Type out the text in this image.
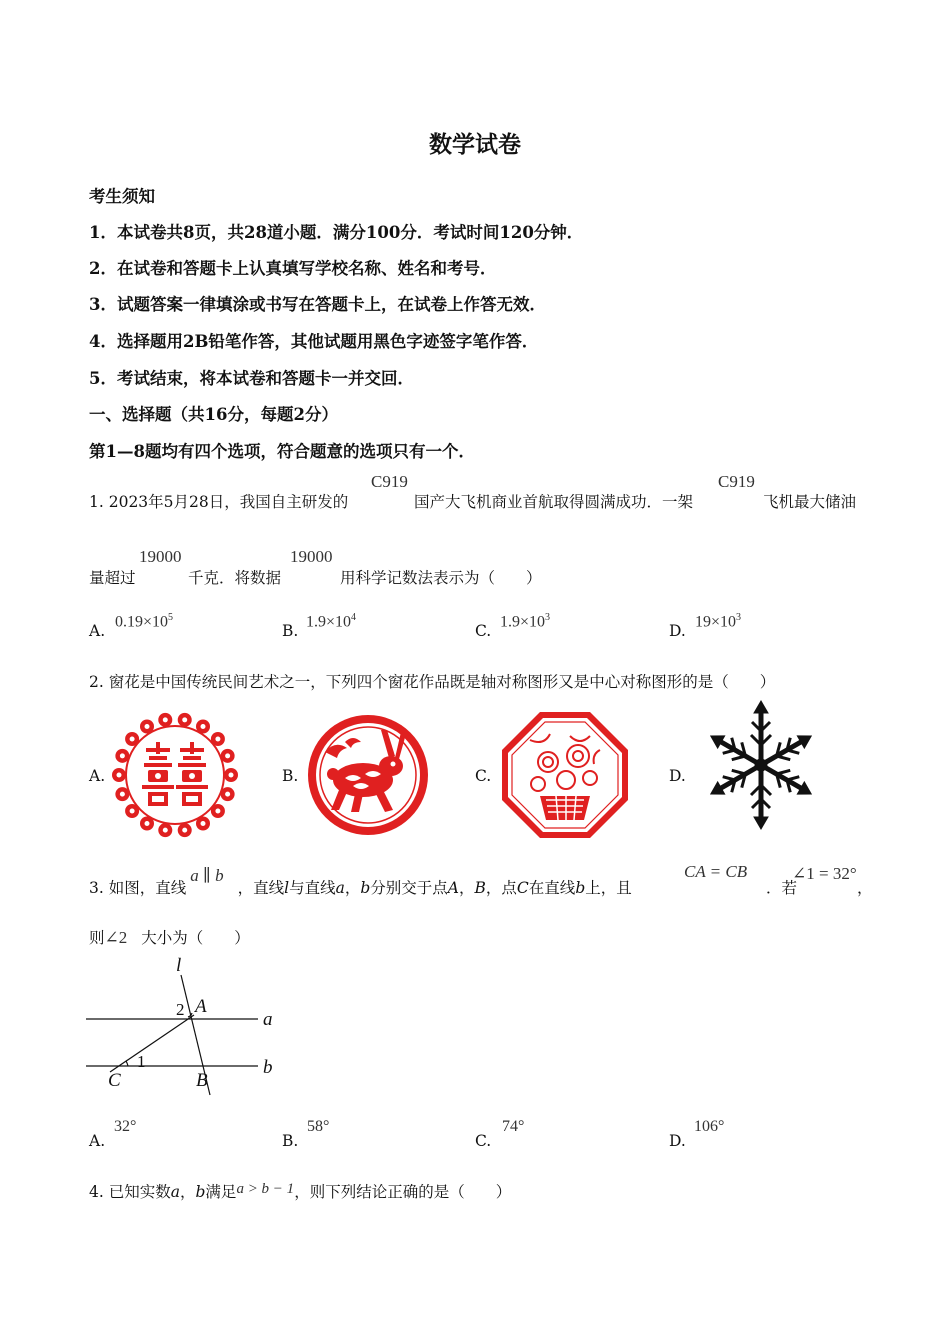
数学试卷
考生须知
1．本试卷共8页，共28道小题．满分100分．考试时间120分钟．
2．在试卷和答题卡上认真填写学校名称、姓名和考号．
3．试题答案一律填涂或书写在答题卡上，在试卷上作答无效．
4．选择题用2B铅笔作答，其他试题用黑色字迹签字笔作答．
5．考试结束，将本试卷和答题卡一并交回．
一、选择题（共16分，每题2分）
第1—8题均有四个选项，符合题意的选项只有一个．
1. 2023年5月28日，我国自主研发的
C919
国产大飞机商业首航取得圆满成功．一架
C919
飞机最大储油
量超过
19000
千克．将数据
19000
用科学记数法表示为（　　）
A.
$0.19\times 10^5$
B.
$1.9\times 10^4$
C.
$1.9\times 10^3$
D.
$19\times 10^3$
2. 窗花是中国传统民间艺术之一，下列四个窗花作品既是轴对称图形又是中心对称图形的是（　　）
A.	B.	C.	D.
3. 如图，直线a ∥ b，直线l与直线a，b分别交于点A，B，点C在直线b上，且
CA = CB
．若
∠1 = 32°
，
则∠2 大小为（　　）
l
a
b
A
B
C
1
2
A.
32°
B.
58°
C.
74°
D.
106°
4. 已知实数a，b满足a > b − 1，则下列结论正确的是（　　）
